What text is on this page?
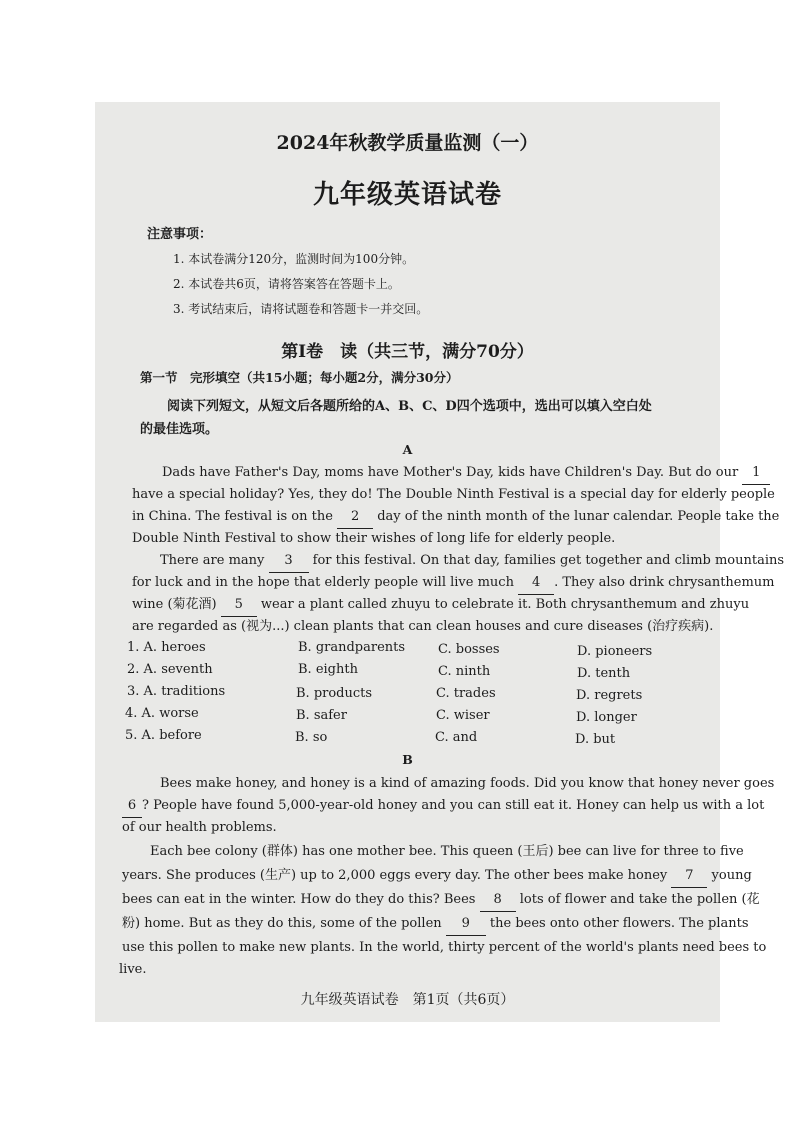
2024年秋教学质量监测（一）
九年级英语试卷
注意事项：
1. 本试卷满分120分，监测时间为100分钟。
2. 本试卷共6页，请将答案答在答题卡上。
3. 考试结束后，请将试题卷和答题卡一并交回。
第Ⅰ卷　读（共三节，满分70分）
第一节　完形填空（共15小题；每小题2分，满分30分）
阅读下列短文，从短文后各题所给的A、B、C、D四个选项中，选出可以填入空白处
的最佳选项。
A
Dads have Father's Day, moms have Mother's Day, kids have Children's Day. But do our 1
have a special holiday? Yes, they do! The Double Ninth Festival is a special day for elderly people
in China. The festival is on the 2 day of the ninth month of the lunar calendar. People take the
Double Ninth Festival to show their wishes of long life for elderly people.
There are many 3 for this festival. On that day, families get together and climb mountains
for luck and in the hope that elderly people will live much 4 . They also drink chrysanthemum
wine (菊花酒) 5 wear a plant called zhuyu to celebrate it. Both chrysanthemum and zhuyu
are regarded as (视为...) clean plants that can clean houses and cure diseases (治疗疾病).
1. A. heroes	B. grandparents	C. bosses	D. pioneers
2. A. seventh	B. eighth	C. ninth	D. tenth
3. A. traditions	B. products	C. trades	D. regrets
4. A. worse	B. safer	C. wiser	D. longer
5. A. before	B. so	C. and	D. but
B
Bees make honey, and honey is a kind of amazing foods. Did you know that honey never goes
6 ? People have found 5,000-year-old honey and you can still eat it. Honey can help us with a lot
of our health problems.
Each bee colony (群体) has one mother bee. This queen (王后) bee can live for three to five
years. She produces (生产) up to 2,000 eggs every day. The other bees make honey 7 young
bees can eat in the winter. How do they do this? Bees 8 lots of flower and take the pollen (花
粉) home. But as they do this, some of the pollen 9 the bees onto other flowers. The plants
use this pollen to make new plants. In the world, thirty percent of the world's plants need bees to
live.
九年级英语试卷　第1页（共6页）
